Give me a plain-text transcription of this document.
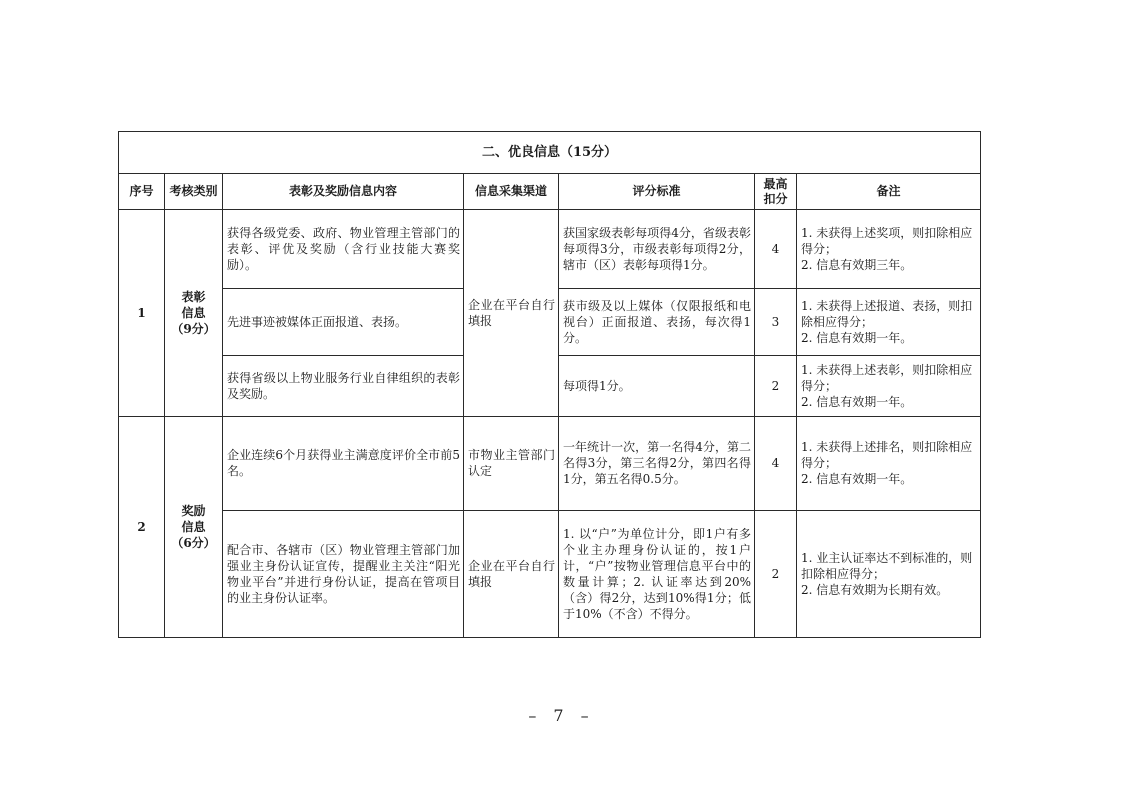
二、优良信息（15分）						
序号	考核类别	表彰及奖励信息内容	信息采集渠道	评分标准	最高扣分	备注
1	表彰
信息
（9分）	获得各级党委、政府、物业管理主管部门的表彰、评优及奖励（含行业技能大赛奖励）。	企业在平台自行填报	获国家级表彰每项得4分，省级表彰每项得3分，市级表彰每项得2分，辖市（区）表彰每项得1分。	4	1. 未获得上述奖项，则扣除相应得分；
2. 信息有效期三年。

		先进事迹被媒体正面报道、表扬。		获市级及以上媒体（仅限报纸和电视台）正面报道、表扬，每次得1分。	3	1. 未获得上述报道、表扬，则扣除相应得分；
2. 信息有效期一年。

		获得省级以上物业服务行业自律组织的表彰及奖励。		每项得1分。	2	1. 未获得上述表彰，则扣除相应得分；
2. 信息有效期一年。

2	奖励
信息
（6分）	企业连续6个月获得业主满意度评价全市前5名。	市物业主管部门认定	一年统计一次，第一名得4分，第二名得3分，第三名得2分，第四名得1分，第五名得0.5分。	4	1. 未获得上述排名，则扣除相应得分；
2. 信息有效期一年。

		配合市、各辖市（区）物业管理主管部门加强业主身份认证宣传，提醒业主关注“阳光物业平台”并进行身份认证，提高在管项目的业主身份认证率。	企业在平台自行填报	1. 以“户”为单位计分，即1户有多个业主办理身份认证的，按1户计，“户”按物业管理信息平台中的数量计算；2. 认证率达到20%（含）得2分，达到10%得1分；低于10%（不含）不得分。	2	1. 业主认证率达不到标准的，则扣除相应得分；
2. 信息有效期为长期有效。
– 7 –
